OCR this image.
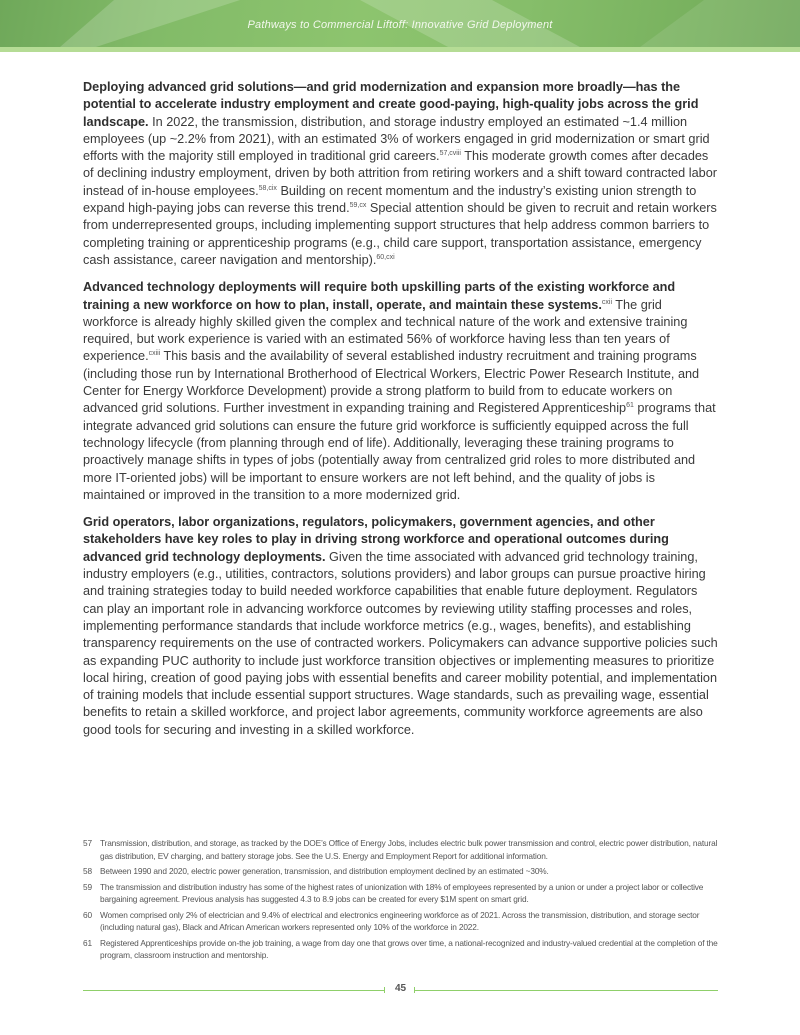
Pathways to Commercial Liftoff: Innovative Grid Deployment

Deploying advanced grid solutions—and grid modernization and expansion more broadly—has the potential to accelerate industry employment and create good-paying, high-quality jobs across the grid landscape. In 2022, the transmission, distribution, and storage industry employed an estimated ~1.4 million employees (up ~2.2% from 2021), with an estimated 3% of workers engaged in grid modernization or smart grid efforts with the majority still employed in traditional grid careers.$^{57,cviii}$ This moderate growth comes after decades of declining industry employment, driven by both attrition from retiring workers and a shift toward contracted labor instead of in-house employees.$^{58,cix}$ Building on recent momentum and the industry’s existing union strength to expand high-paying jobs can reverse this trend.$^{59,cx}$ Special attention should be given to recruit and retain workers from underrepresented groups, including implementing support structures that help address common barriers to completing training or apprenticeship programs (e.g., child care support, transportation assistance, emergency cash assistance, career navigation and mentorship).$^{60,cxi}$

Advanced technology deployments will require both upskilling parts of the existing workforce and training a new workforce on how to plan, install, operate, and maintain these systems.$^{cxii}$ The grid workforce is already highly skilled given the complex and technical nature of the work and extensive training required, but work experience is varied with an estimated 56% of workforce having less than ten years of experience.$^{cxiii}$ This basis and the availability of several established industry recruitment and training programs (including those run by International Brotherhood of Electrical Workers, Electric Power Research Institute, and Center for Energy Workforce Development) provide a strong platform to build from to educate workers on advanced grid solutions. Further investment in expanding training and Registered Apprenticeship$^{61}$ programs that integrate advanced grid solutions can ensure the future grid workforce is sufficiently equipped across the full technology lifecycle (from planning through end of life). Additionally, leveraging these training programs to proactively manage shifts in types of jobs (potentially away from centralized grid roles to more distributed and more IT-oriented jobs) will be important to ensure workers are not left behind, and the quality of jobs is maintained or improved in the transition to a more modernized grid.

Grid operators, labor organizations, regulators, policymakers, government agencies, and other stakeholders have key roles to play in driving strong workforce and operational outcomes during advanced grid technology deployments. Given the time associated with advanced grid technology training, industry employers (e.g., utilities, contractors, solutions providers) and labor groups can pursue proactive hiring and training strategies today to build needed workforce capabilities that enable future deployment. Regulators can play an important role in advancing workforce outcomes by reviewing utility staffing processes and roles, implementing performance standards that include workforce metrics (e.g., wages, benefits), and establishing transparency requirements on the use of contracted workers. Policymakers can advance supportive policies such as expanding PUC authority to include just workforce transition objectives or implementing measures to prioritize local hiring, creation of good paying jobs with essential benefits and career mobility potential, and implementation of training models that include essential support structures. Wage standards, such as prevailing wage, essential benefits to retain a skilled workforce, and project labor agreements, community workforce agreements are also good tools for securing and investing in a skilled workforce.

57 Transmission, distribution, and storage, as tracked by the DOE’s Office of Energy Jobs, includes electric bulk power transmission and control, electric power distribution, natural gas distribution, EV charging, and battery storage jobs. See the U.S. Energy and Employment Report for additional information.
58 Between 1990 and 2020, electric power generation, transmission, and distribution employment declined by an estimated ~30%.
59 The transmission and distribution industry has some of the highest rates of unionization with 18% of employees represented by a union or under a project labor or collective bargaining agreement. Previous analysis has suggested 4.3 to 8.9 jobs can be created for every $1M spent on smart grid.
60 Women comprised only 2% of electrician and 9.4% of electrical and electronics engineering workforce as of 2021. Across the transmission, distribution, and storage sector (including natural gas), Black and African American workers represented only 10% of the workforce in 2022.
61 Registered Apprenticeships provide on-the job training, a wage from day one that grows over time, a national-recognized and industry-valued credential at the completion of the program, classroom instruction and mentorship.
45
